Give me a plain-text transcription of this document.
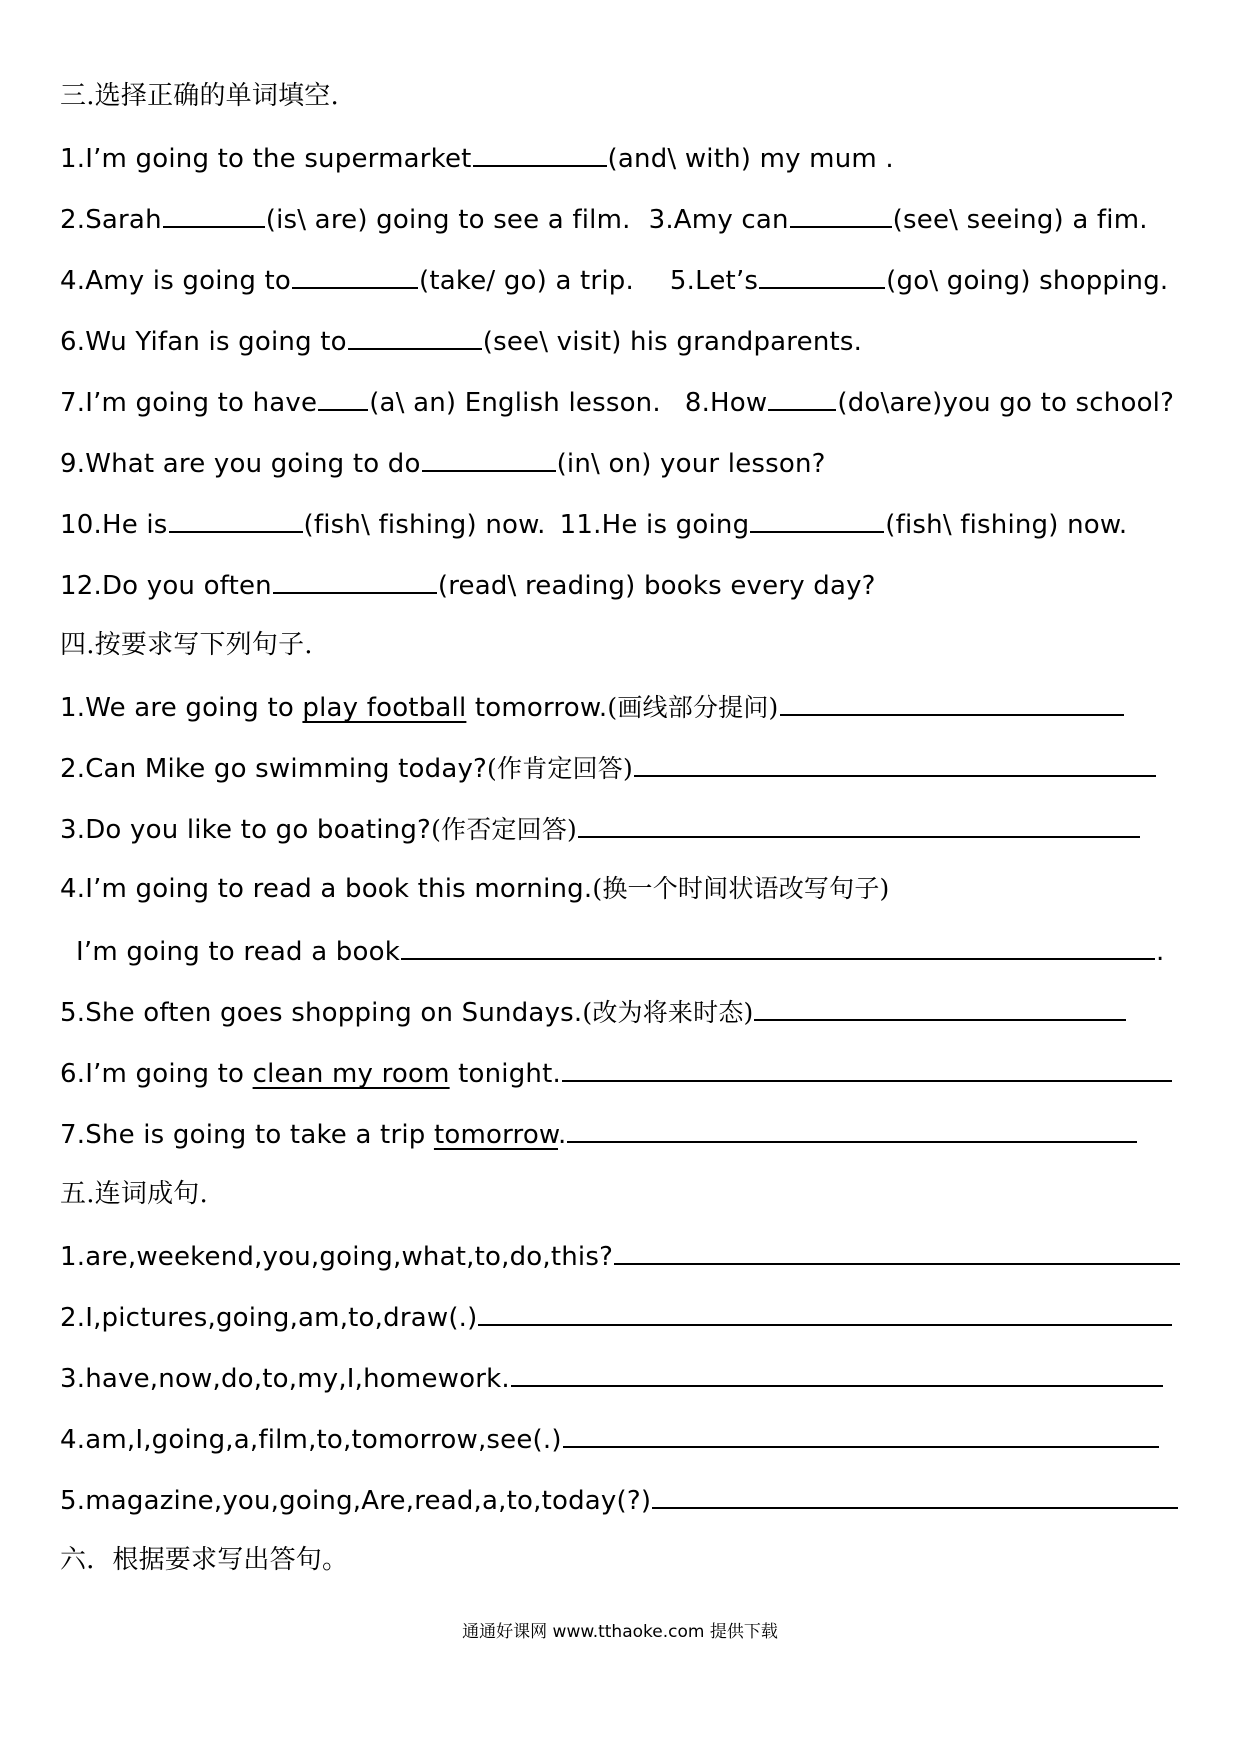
三.选择正确的单词填空.
1.I’m going to the supermarket	(and\ with) my mum .
2.Sarah	(is\ are) going to see a film. 3.Amy can	(see\ seeing) a fim.
4.Amy is going to	(take/ go) a trip. 5.Let’s	(go\ going) shopping.
6.Wu Yifan is going to	(see\ visit) his grandparents.
7.I’m going to have (a\ an) English lesson. 8.How	(do\are)you go to school?
9.What are you going to do	(in\ on) your lesson?
10.He is	(fish\ fishing) now. 11.He is going	(fish\ fishing) now.
12.Do you often	(read\ reading) books every day?
四.按要求写下列句子.
1.We are going to play football tomorrow.(画线部分提问)
2.Can Mike go swimming today?(作肯定回答)
3.Do you like to go boating?(作否定回答)
4.I’m going to read a book this morning.(换一个时间状语改写句子)
I’m going to read a book	.
5.She often goes shopping on Sundays.(改为将来时态)
6.I’m going to clean my room tonight.
7.She is going to take a trip tomorrow.
五.连词成句.
1.are,weekend,you,going,what,to,do,this?
2.I,pictures,going,am,to,draw(.)
3.have,now,do,to,my,I,homework.
4.am,I,going,a,film,to,tomorrow,see(.)
5.magazine,you,going,Are,read,a,to,today(?)
六．根据要求写出答句。
通通好课网 www.tthaoke.com 提供下载
